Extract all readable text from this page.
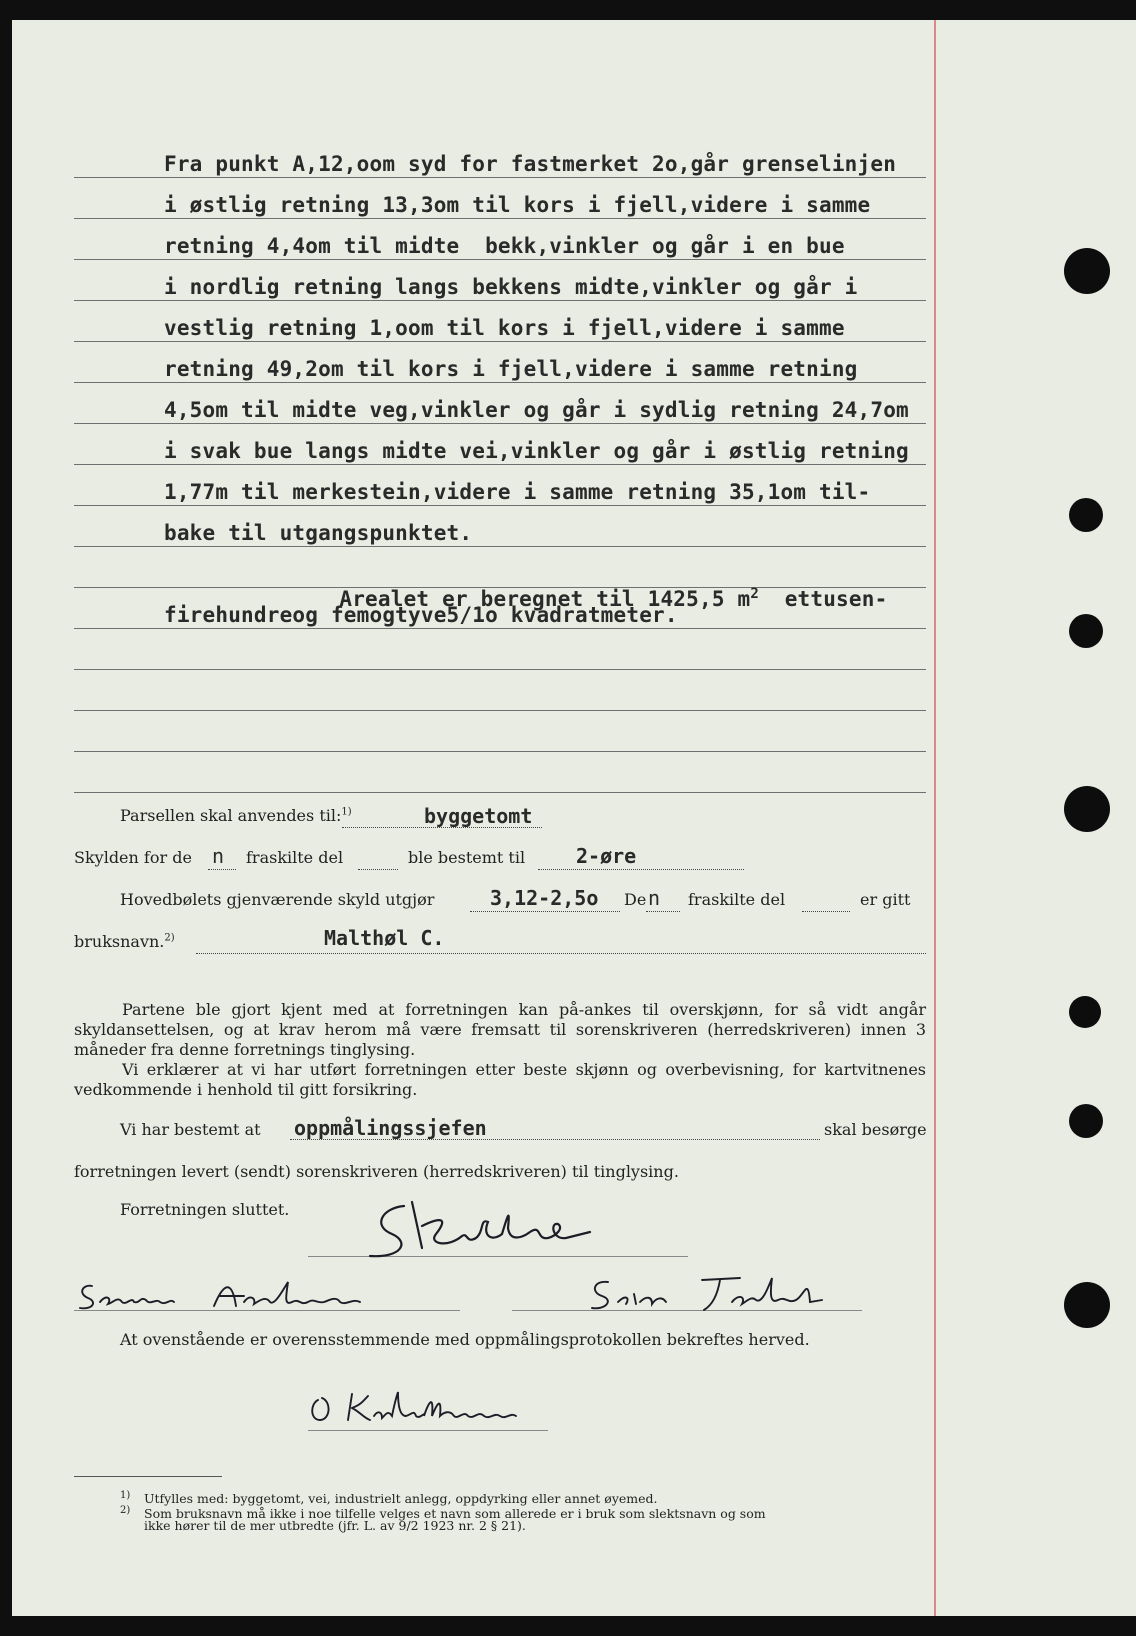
Fra punkt A,12,oom syd for fastmerket 2o,går grenselinjen
i østlig retning 13,3om til kors i fjell,videre i samme
retning 4,4om til midte  bekk,vinkler og går i en bue
i nordlig retning langs bekkens midte,vinkler og går i
vestlig retning 1,oom til kors i fjell,videre i samme
retning 49,2om til kors i fjell,videre i samme retning
4,5om til midte veg,vinkler og går i sydlig retning 24,7om
i svak bue langs midte vei,vinkler og går i østlig retning
1,77m til merkestein,videre i samme retning 35,1om til-
bake til utgangspunktet.

Arealet er beregnet til 1425,5 $m^2$ ettusen-

firehundreog femogtyve5/1o kvadratmeter.
Parsellen skal anvendes til:$^{1)}$	byggetomt
Skylden for de n fraskilte del	ble bestemt til	2-øre
Hovedbølets gjenværende skyld utgjør	3,12-2,5o De n fraskilte del	er gitt
bruksnavn.$^{2)}$	Malthøl C.
Partene ble gjort kjent med at forretningen kan på-ankes til overskjønn, for så vidt angår skyldansettelsen, og at krav herom må være fremsatt til sorenskriveren (herredskriveren) innen 3 måneder fra denne forretnings tinglysing.
Vi erklærer at vi har utført forretningen etter beste skjønn og overbevisning, for kartvitnenes vedkommende i henhold til gitt forsikring.
Vi har bestemt at oppmålingssjefen	skal besørge
forretningen levert (sendt) sorenskriveren (herredskriveren) til tinglysing.
Forretningen sluttet.
At ovenstående er overensstemmende med oppmålingsprotokollen bekreftes herved.
1) Utfylles med: byggetomt, vei, industrielt anlegg, oppdyrking eller annet øyemed.
2) Som bruksnavn må ikke i noe tilfelle velges et navn som allerede er i bruk som slektsnavn og som
ikke hører til de mer utbredte (jfr. L. av 9/2 1923 nr. 2 § 21).
